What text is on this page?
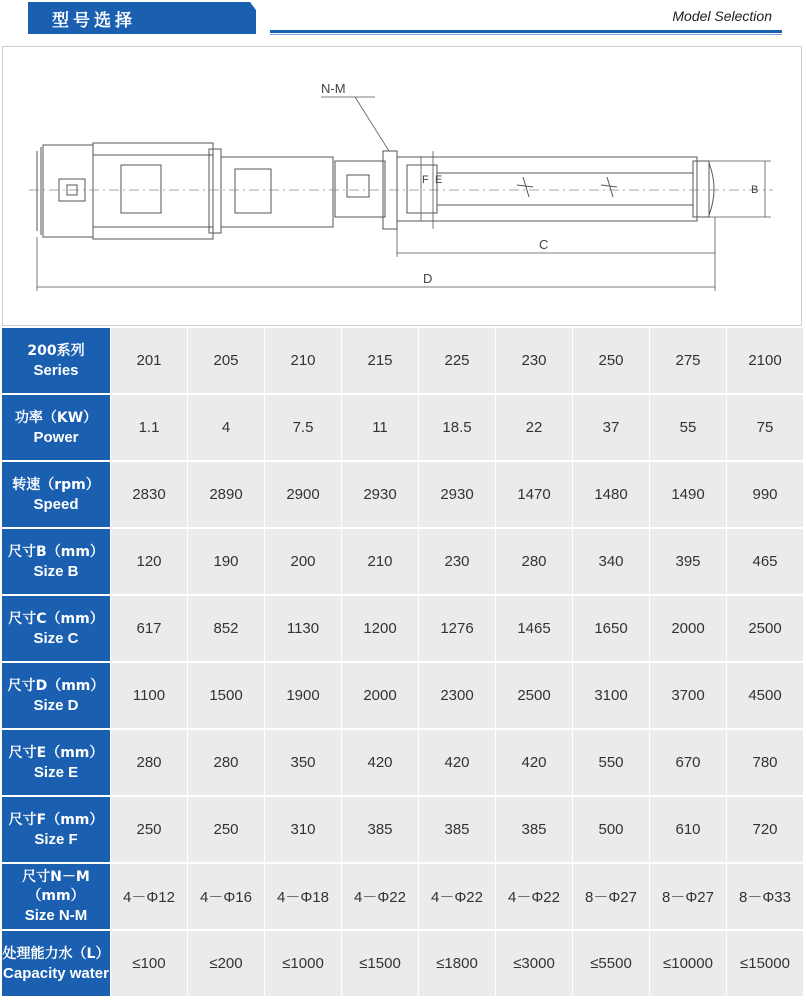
型号选择	Model Selection
N-M
C
D
E
F
B
200系列
Series	201	205	210	215	225	230	250	275	2100

功率（KW）
Power	1.1	4	7.5	11	18.5	22	37	55	75

转速（rpm）
Speed	2830	2890	2900	2930	2930	1470	1480	1490	990

尺寸B（mm）
Size B	120	190	200	210	230	280	340	395	465

尺寸C（mm）
Size C	617	852	1130	1200	1276	1465	1650	2000	2500

尺寸D（mm）
Size D	1100	1500	1900	2000	2300	2500	3100	3700	4500

尺寸E（mm）
Size E	280	280	350	420	420	420	550	670	780

尺寸F（mm）
Size F	250	250	310	385	385	385	500	610	720

尺寸N－M（mm）
Size N-M	4－Φ12	4－Φ16	4－Φ18	4－Φ22	4－Φ22	4－Φ22	8－Φ27	8－Φ27	8－Φ33

处理能力水（L）
Capacity water	≤100	≤200	≤1000	≤1500	≤1800	≤3000	≤5500	≤10000	≤15000
